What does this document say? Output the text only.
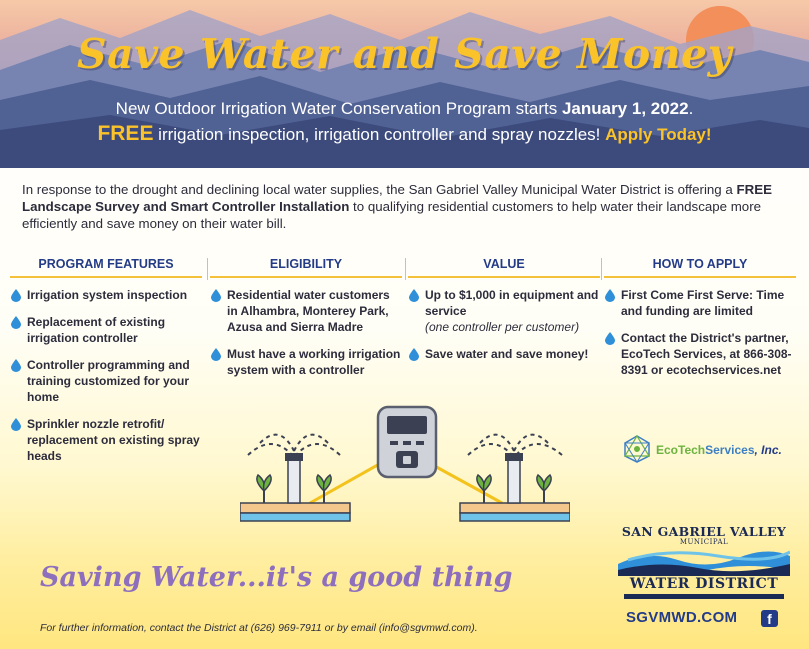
Save Water and Save Money
New Outdoor Irrigation Water Conservation Program starts January 1, 2022.
FREE irrigation inspection, irrigation controller and spray nozzles! Apply Today!

In response to the drought and declining local water supplies, the San Gabriel Valley Municipal Water District is offering a FREE Landscape Survey and Smart Controller Installation to qualifying residential customers to help water their landscape more efficiently and save money on their water bill.

PROGRAM FEATURES
Irrigation system inspection
Replacement of existing irrigation controller
Controller programming and training customized for your home
Sprinkler nozzle retrofit/ replacement on existing spray heads
ELIGIBILITY
Residential water customers in Alhambra, Monterey Park, Azusa and Sierra Madre
Must have a working irrigation system with a controller
VALUE
Up to $1,000 in equipment and service
(one controller per customer)
Save water and save money!
HOW TO APPLY
First Come First Serve: Time and funding are limited
Contact the District's partner, EcoTech Services, at 866-308-8391 or ecotechservices.net
EcoTechServices, Inc.
Saving Water...it's a good thing
For further information, contact the District at (626) 969-7911 or by email (info@sgvmwd.com).
SAN GABRIEL VALLEY
MUNICIPAL
WATER DISTRICT
SGVMWD.COM	f
